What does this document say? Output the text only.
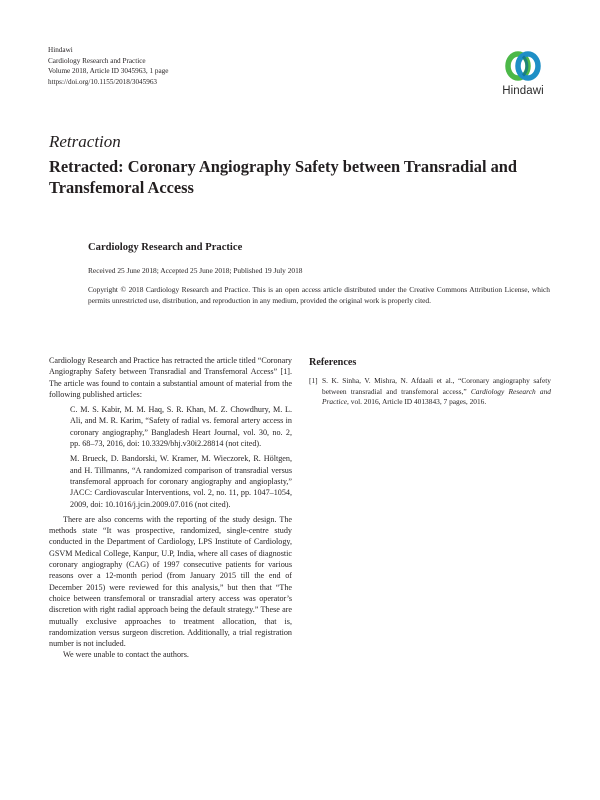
Hindawi
Cardiology Research and Practice
Volume 2018, Article ID 3045963, 1 page
https://doi.org/10.1155/2018/3045963
Hindawi
Retraction
Retracted: Coronary Angiography Safety between Transradial and Transfemoral Access
Cardiology Research and Practice
Received 25 June 2018; Accepted 25 June 2018; Published 19 July 2018

Copyright © 2018 Cardiology Research and Practice. This is an open access article distributed under the Creative Commons Attribution License, which permits unrestricted use, distribution, and reproduction in any medium, provided the original work is properly cited.

Cardiology Research and Practice has retracted the article titled “Coronary Angiography Safety between Transradial and Transfemoral Access” [1]. The article was found to contain a substantial amount of material from the following published articles:

C. M. S. Kabir, M. M. Haq, S. R. Khan, M. Z. Chowdhury, M. L. Ali, and M. R. Karim, “Safety of radial vs. femoral artery access in coronary angiography,” Bangladesh Heart Journal, vol. 30, no. 2, pp. 68–73, 2016, doi: 10.3329/bhj.v30i2.28814 (not cited).

M. Brueck, D. Bandorski, W. Kramer, M. Wieczorek, R. Höltgen, and H. Tillmanns, “A randomized comparison of transradial versus transfemoral approach for coronary angiography and angioplasty,” JACC: Cardiovascular Interventions, vol. 2, no. 11, pp. 1047–1054, 2009, doi: 10.1016/j.jcin.2009.07.016 (not cited).

There are also concerns with the reporting of the study design. The methods state “It was prospective, randomized, single-centre study conducted in the Department of Cardiology, LPS Institute of Cardiology, GSVM Medical College, Kanpur, U.P, India, where all cases of diagnostic coronary angiography (CAG) of 1997 consecutive patients for various reasons over a 12-month period (from January 2015 till the end of December 2015) were reviewed for this analysis,” but then that “The choice between transfemoral or transradial artery access was operator’s discretion with right radial approach being the default strategy.” These are mutually exclusive approaches to treatment allocation, that is, randomization versus surgeon discretion. Additionally, a trial registration number is not included.

We were unable to contact the authors.

References
[1] S. K. Sinha, V. Mishra, N. Afdaali et al., “Coronary angiography safety between transradial and transfemoral access,” Cardiology Research and Practice, vol. 2016, Article ID 4013843, 7 pages, 2016.
